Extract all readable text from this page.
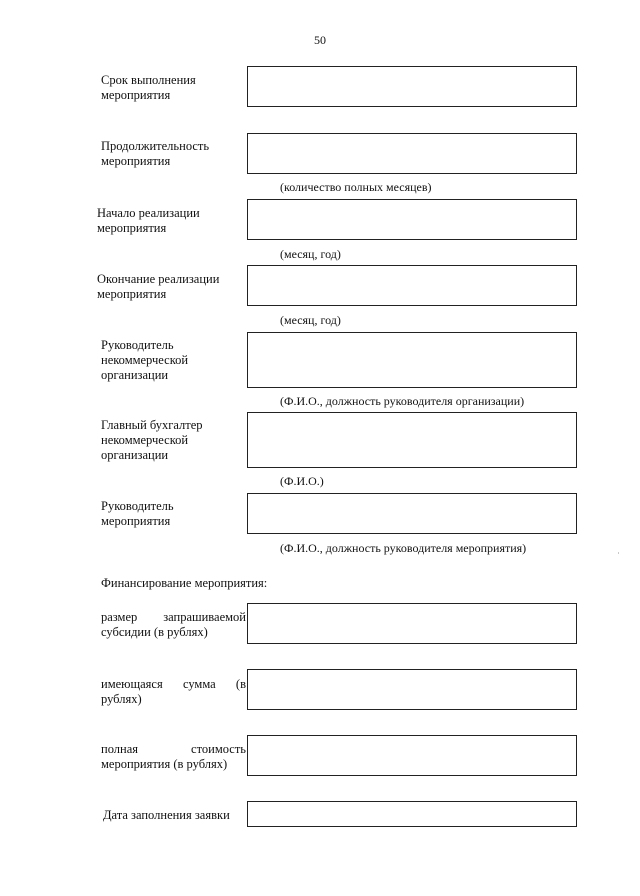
50
Срок выполнения
мероприятия
Продолжительность
мероприятия
(количество полных месяцев)
Начало реализации
мероприятия
(месяц, год)
Окончание реализации
мероприятия
(месяц, год)
Руководитель
некоммерческой
организации
(Ф.И.О., должность руководителя организации)
Главный бухгалтер
некоммерческой
организации
(Ф.И.О.)
Руководитель
мероприятия
(Ф.И.О., должность руководителя мероприятия)
ʾ
Финансирование мероприятия:
размер запрашиваемой
субсидии (в рублях)
имеющаяся сумма (в
рублях)
полная стоимость
мероприятия (в рублях)
Дата заполнения заявки
